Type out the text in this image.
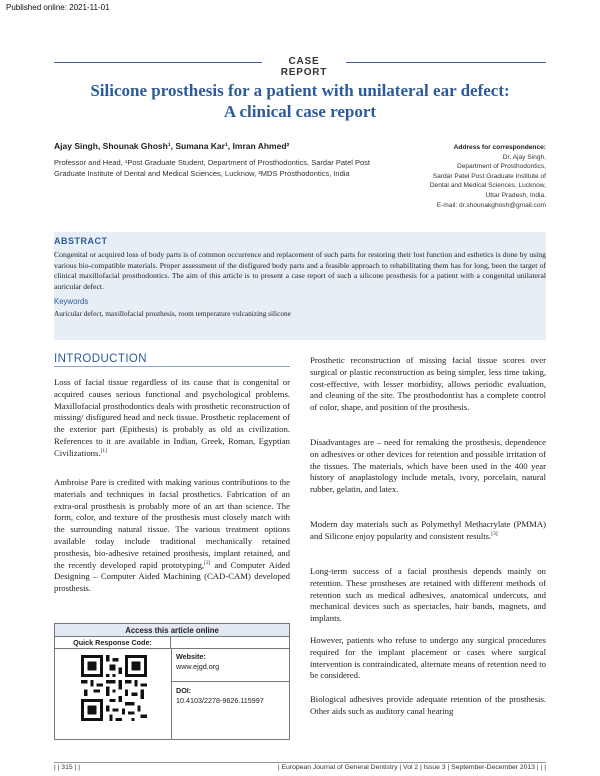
Published online: 2021-11-01
CASE REPORT
Silicone prosthesis for a patient with unilateral ear defect:
A clinical case report
Ajay Singh, Shounak Ghosh¹, Sumana Kar¹, Imran Ahmed²
Professor and Head, ¹Post Graduate Student, Department of Prosthodontics, Sardar Patel Post Graduate Institute of Dental and Medical Sciences, Lucknow, ²MDS Prosthodontics, India
Address for correspondence:
Dr. Ajay Singh,
Department of Prosthodontics,
Sardar Patel Post Graduate Institute of
Dental and Medical Sciences, Lucknow,
Uttar Pradesh, India.
E-mail: dr.shounakghosh@gmail.com
ABSTRACT
Congenital or acquired loss of body parts is of common occurrence and replacement of such parts for restoring their lost function and esthetics is done by using various bio-compatible materials. Proper assessment of the disfigured body parts and a feasible approach to rehabilitating them has for long, been the target of clinical maxillofacial prosthodontics. The aim of this article is to present a case report of such a silicone prosthesis for a patient with a congenital unilateral auricular defect.
Keywords
Auricular defect, maxillofacial prosthesis, room temperature vulcanizing silicone
INTRODUCTION
Loss of facial tissue regardless of its cause that is congenital or acquired causes serious functional and psychological problems. Maxillofacial prosthodontics deals with prosthetic reconstruction of missing/ disfigured head and neck tissue. Prosthetic replacement of the exterior part (Epithesis) is probably as old as civilization. References to it are available in Indian, Greek, Roman, Egyptian Civilizations.[1]
Ambroise Pare is credited with making various contributions to the materials and techniques in facial prosthetics. Fabrication of an extra-oral prosthesis is probably more of an art than science. The form, color, and texture of the prosthesis must closely match with the surrounding natural tissue. The various treatment options available today include traditional mechanically retained prosthesis, bio-adhesive retained prosthesis, implant retained, and the recently developed rapid prototyping,[2] and Computer Aided Designing – Computer Aided Machining (CAD-CAM) developed prosthesis.
Access this article online
Quick Response Code:
Website:
www.ejgd.org
DOI:
10.4103/2278-9626.115997
Prosthetic reconstruction of missing facial tissue scores over surgical or plastic reconstruction as being simpler, less time taking, cost-effective, with lesser morbidity, allows periodic evaluation, and cleaning of the site. The prosthodontist has a complete control of color, shape, and position of the prosthesis.
Disadvantages are – need for remaking the prosthesis, dependence on adhesives or other devices for retention and possible irritation of the tissues. The materials, which have been used in the 400 year history of anaplastology include metals, ivory, porcelain, natural rubber, gelatin, and latex.
Modern day materials such as Polymethyl Methacrylate (PMMA) and Silicone enjoy popularity and consistent results.[3]
Long-term success of a facial prosthesis depends mainly on retention. These prostheses are retained with different methods of retention such as medical adhesives, anatomical undercuts, and mechanical devices such as spectacles, hair bands, magnets, and implants.
However, patients who refuse to undergo any surgical procedures required for the implant placement or cases where surgical intervention is contraindicated, alternate means of retention need to be considered.
Biological adhesives provide adequate retention of the prosthesis. Other aids such as auditory canal hearing
| | 315 | |	| European Journal of General Dentistry | Vol 2 | Issue 3 | September-December 2013 | | |
